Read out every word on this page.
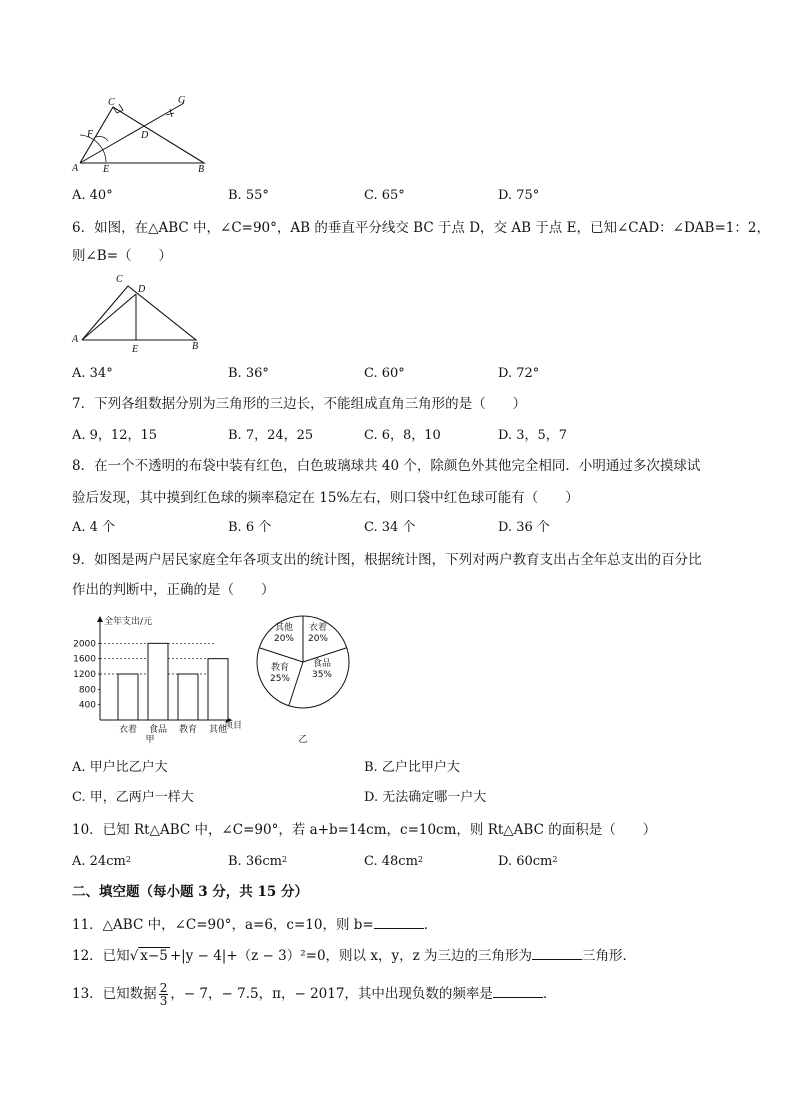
C	G
F	D
A E	B
A. 40°	B. 55°	C. 65°	D. 75°
6．如图，在△ABC 中，∠C=90°，AB 的垂直平分线交 BC 于点 D，交 AB 于点 E，已知∠CAD：∠DAB=1：2，
则∠B=（　　）
C
D
A
E	B
A. 34°	B. 36°	C. 60°	D. 72°
7．下列各组数据分别为三角形的三边长，不能组成直角三角形的是（　　）
A. 9，12，15	B. 7，24，25	C. 6，8，10	D. 3，5，7
8．在一个不透明的布袋中装有红色，白色玻璃球共 40 个，除颜色外其他完全相同．小明通过多次摸球试
验后发现，其中摸到红色球的频率稳定在 15%左右，则口袋中红色球可能有（　　）
A. 4 个	B. 6 个	C. 34 个	D. 36 个
9．如图是两户居民家庭全年各项支出的统计图，根据统计图，下列对两户教育支出占全年总支出的百分比
作出的判断中，正确的是（　　）
全年支出/元
项目
400
800
1200
1600
2000
衣着 食品 教育 其他
甲
衣着
20%
食品
35%
教育
25%
其他
20%
乙
A. 甲户比乙户大	B. 乙户比甲户大
C. 甲，乙两户一样大	D. 无法确定哪一户大
10．已知 Rt△ABC 中，∠C=90°，若 a+b=14cm，c=10cm，则 Rt△ABC 的面积是（　　）
A. $24cm^2$	B. $36cm^2$	C. $48cm^2$	D. $60cm^2$
二、填空题（每小题 3 分，共 15 分）
11．△ABC 中，∠C=90°，a=6，c=10，则 b=	．
12．已知√ x−5 +|y − 4|+（z − 3）²=0，则以 x，y，z 为三边的三角形为	三角形．
13．已知数据 $\frac{2}{3}$ ，− 7，− 7.5，π，− 2017，其中出现负数的频率是	．
